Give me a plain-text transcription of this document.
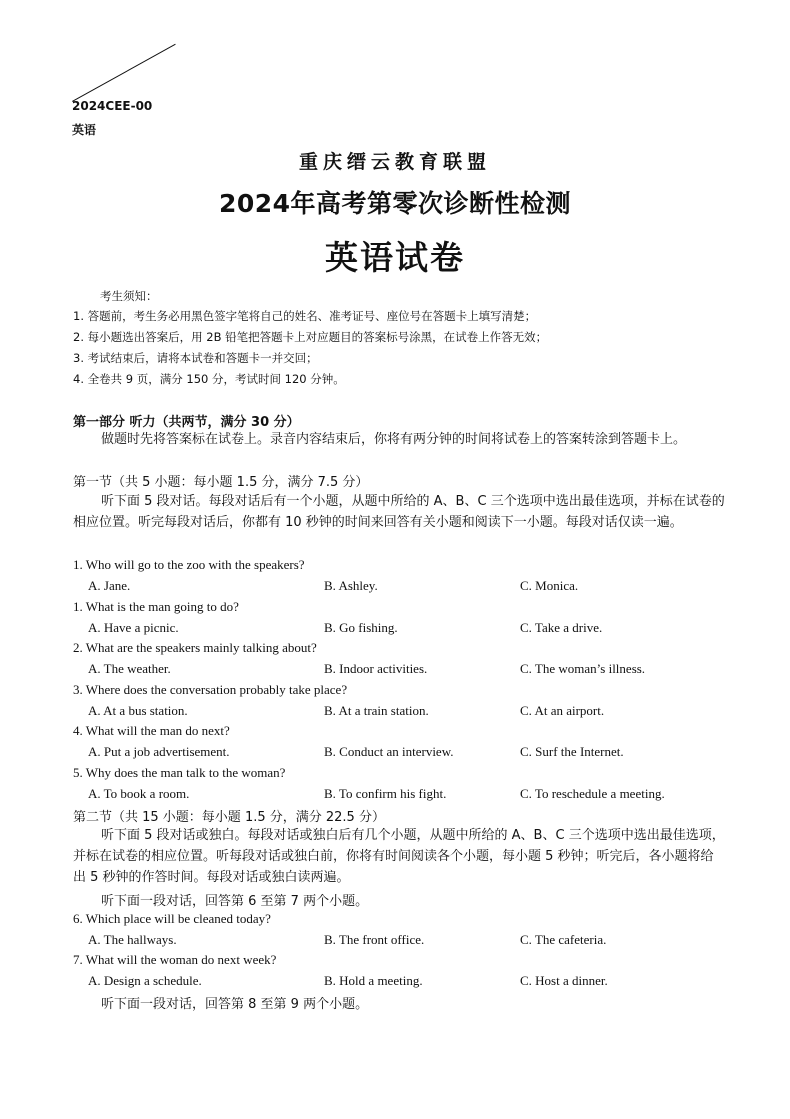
2024CEE-00
英语
重庆缙云教育联盟
2024年高考第零次诊断性检测
英语试卷
考生须知：
1. 答题前，考生务必用黑色签字笔将自己的姓名、准考证号、座位号在答题卡上填写清楚；
2. 每小题选出答案后，用 2B 铅笔把答题卡上对应题目的答案标号涂黑，在试卷上作答无效；
3. 考试结束后，请将本试卷和答题卡一并交回；
4. 全卷共 9 页，满分 150 分，考试时间 120 分钟。
第一部分 听力（共两节，满分 30 分）
做题时先将答案标在试卷上。录音内容结束后，你将有两分钟的时间将试卷上的答案转涂到答题卡上。
第一节（共 5 小题：每小题 1.5 分，满分 7.5 分）
听下面 5 段对话。每段对话后有一个小题，从题中所给的 A、B、C 三个选项中选出最佳选项，并标在试卷的相应位置。听完每段对话后，你都有 10 秒钟的时间来回答有关小题和阅读下一小题。每段对话仅读一遍。
1. Who will go to the zoo with the speakers?
A. Jane.	B. Ashley.	C. Monica.
1. What is the man going to do?
A. Have a picnic.	B. Go fishing.	C. Take a drive.
2. What are the speakers mainly talking about?
A. The weather.	B. Indoor activities.	C. The woman’s illness.
3. Where does the conversation probably take place?
A. At a bus station.	B. At a train station.	C. At an airport.
4. What will the man do next?
A. Put a job advertisement.	B. Conduct an interview.	C. Surf the Internet.
5. Why does the man talk to the woman?
A. To book a room.	B. To confirm his fight.	C. To reschedule a meeting.
第二节（共 15 小题：每小题 1.5 分，满分 22.5 分）
听下面 5 段对话或独白。每段对话或独白后有几个小题，从题中所给的 A、B、C 三个选项中选出最佳选项，并标在试卷的相应位置。听每段对话或独白前，你将有时间阅读各个小题，每小题 5 秒钟；听完后，各小题将给出 5 秒钟的作答时间。每段对话或独白读两遍。
听下面一段对话，回答第 6 至第 7 两个小题。
6. Which place will be cleaned today?
A. The hallways.	B. The front office.	C. The cafeteria.
7. What will the woman do next week?
A. Design a schedule.	B. Hold a meeting.	C. Host a dinner.
听下面一段对话，回答第 8 至第 9 两个小题。
